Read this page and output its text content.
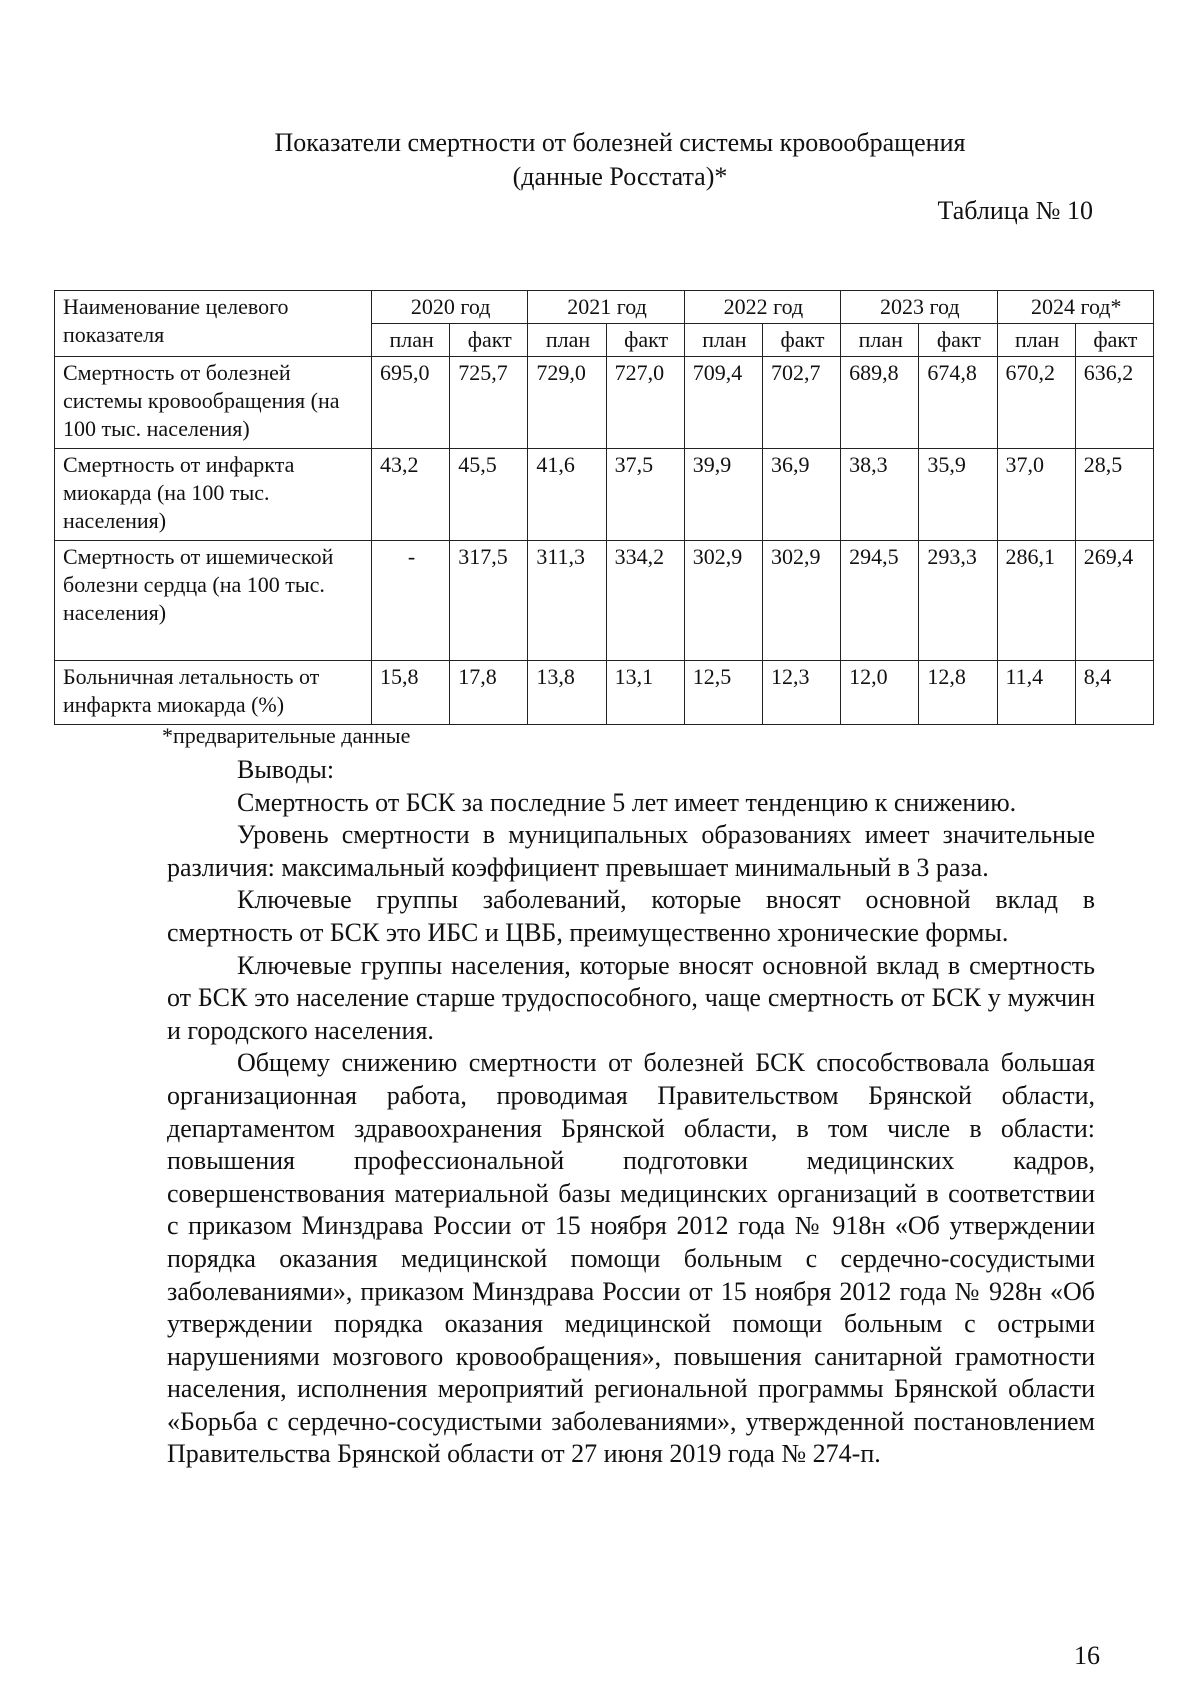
Показатели смертности от болезней системы кровообращения
(данные Росстата)*
Таблица № 10
Наименование целевого показателя	2020 год		2021 год		2022 год		2023 год		2024 год*	
	план	факт	план	факт	план	факт	план	факт	план	факт
Смертность от болезней системы кровообращения (на 100 тыс. населения)	695,0	725,7	729,0	727,0	709,4	702,7	689,8	674,8	670,2	636,2
Смертность от инфаркта миокарда (на 100 тыс. населения)	43,2	45,5	41,6	37,5	39,9	36,9	38,3	35,9	37,0	28,5
Смертность от ишемической болезни сердца (на 100 тыс. населения)	-	317,5	311,3	334,2	302,9	302,9	294,5	293,3	286,1	269,4
Больничная летальность от инфаркта миокарда (%)	15,8	17,8	13,8	13,1	12,5	12,3	12,0	12,8	11,4	8,4
*предварительные данные
Выводы:

Смертность от БСК за последние 5 лет имеет тенденцию к снижению.

Уровень смертности в муниципальных образованиях имеет значительные различия: максимальный коэффициент превышает минимальный в 3 раза.

Ключевые группы заболеваний, которые вносят основной вклад в смертность от БСК это ИБС и ЦВБ, преимущественно хронические формы.

Ключевые группы населения, которые вносят основной вклад в смертность от БСК это население старше трудоспособного, чаще смертность от БСК у мужчин и городского населения.

Общему снижению смертности от болезней БСК способствовала большая организационная работа, проводимая Правительством Брянской области, департаментом здравоохранения Брянской области, в том числе в области: повышения профессиональной подготовки медицинских кадров, совершенствования материальной базы медицинских организаций в соответствии с приказом Минздрава России от 15 ноября 2012 года № 918н «Об утверждении порядка оказания медицинской помощи больным с сердечно-сосудистыми заболеваниями», приказом Минздрава России от 15 ноября 2012 года № 928н «Об утверждении порядка оказания медицинской помощи больным с острыми нарушениями мозгового кровообращения», повышения санитарной грамотности населения, исполнения мероприятий региональной программы Брянской области «Борьба с сердечно-сосудистыми заболеваниями», утвержденной постановлением Правительства Брянской области от 27 июня 2019 года № 274-п.

16
